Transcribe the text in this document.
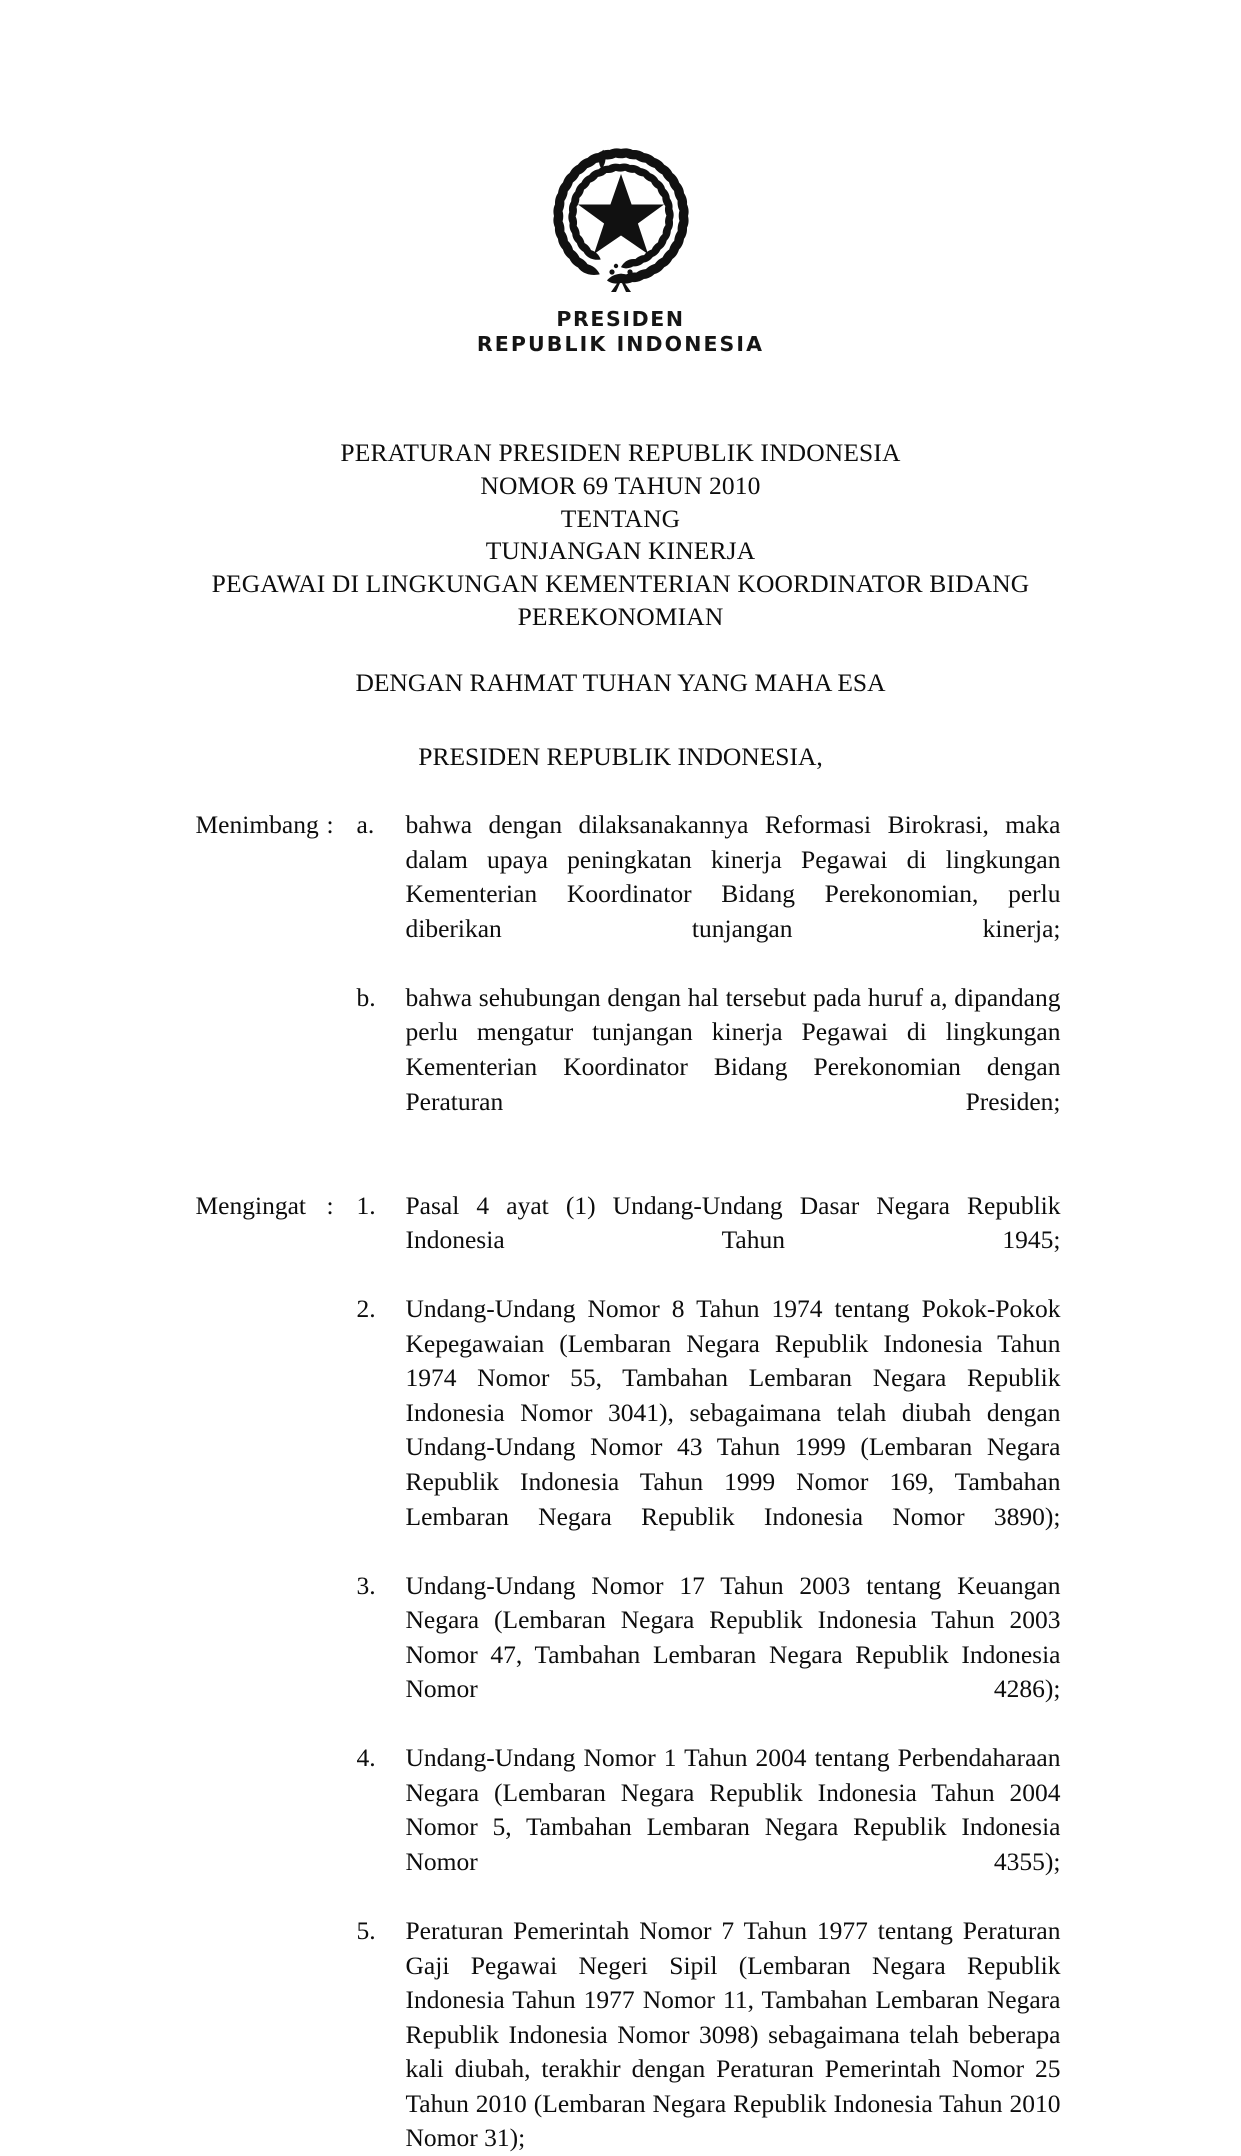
PRESIDEN
REPUBLIK INDONESIA
PERATURAN PRESIDEN REPUBLIK INDONESIA
NOMOR 69 TAHUN 2010
TENTANG
TUNJANGAN KINERJA
PEGAWAI DI LINGKUNGAN KEMENTERIAN KOORDINATOR BIDANG
PEREKONOMIAN
DENGAN RAHMAT TUHAN YANG MAHA ESA
PRESIDEN REPUBLIK INDONESIA,
Menimbang : a.	bahwa dengan dilaksanakannya Reformasi Birokrasi, maka dalam upaya peningkatan kinerja Pegawai di lingkungan Kementerian Koordinator Bidang Perekonomian, perlu diberikan tunjangan kinerja;
b.	bahwa sehubungan dengan hal tersebut pada huruf a, dipandang perlu mengatur tunjangan kinerja Pegawai di lingkungan Kementerian Koordinator Bidang Perekonomian dengan Peraturan Presiden;
Mengingat : 1.	Pasal 4 ayat (1) Undang-Undang Dasar Negara Republik Indonesia Tahun 1945;
2.	Undang-Undang Nomor 8 Tahun 1974 tentang Pokok-Pokok Kepegawaian (Lembaran Negara Republik Indonesia Tahun 1974 Nomor 55, Tambahan Lembaran Negara Republik Indonesia Nomor 3041), sebagaimana telah diubah dengan Undang-Undang Nomor 43 Tahun 1999 (Lembaran Negara Republik Indonesia Tahun 1999 Nomor 169, Tambahan Lembaran Negara Republik Indonesia Nomor 3890);
3.	Undang-Undang Nomor 17 Tahun 2003 tentang Keuangan Negara (Lembaran Negara Republik Indonesia Tahun 2003 Nomor 47, Tambahan Lembaran Negara Republik Indonesia Nomor 4286);
4.	Undang-Undang Nomor 1 Tahun 2004 tentang Perbendaharaan Negara (Lembaran Negara Republik Indonesia Tahun 2004 Nomor 5, Tambahan Lembaran Negara Republik Indonesia Nomor 4355);
5.	Peraturan Pemerintah Nomor 7 Tahun 1977 tentang Peraturan Gaji Pegawai Negeri Sipil (Lembaran Negara Republik Indonesia Tahun 1977 Nomor 11, Tambahan Lembaran Negara Republik Indonesia Nomor 3098) sebagaimana telah beberapa kali diubah, terakhir dengan Peraturan Pemerintah Nomor 25 Tahun 2010 (Lembaran Negara Republik Indonesia Tahun 2010 Nomor 31);
